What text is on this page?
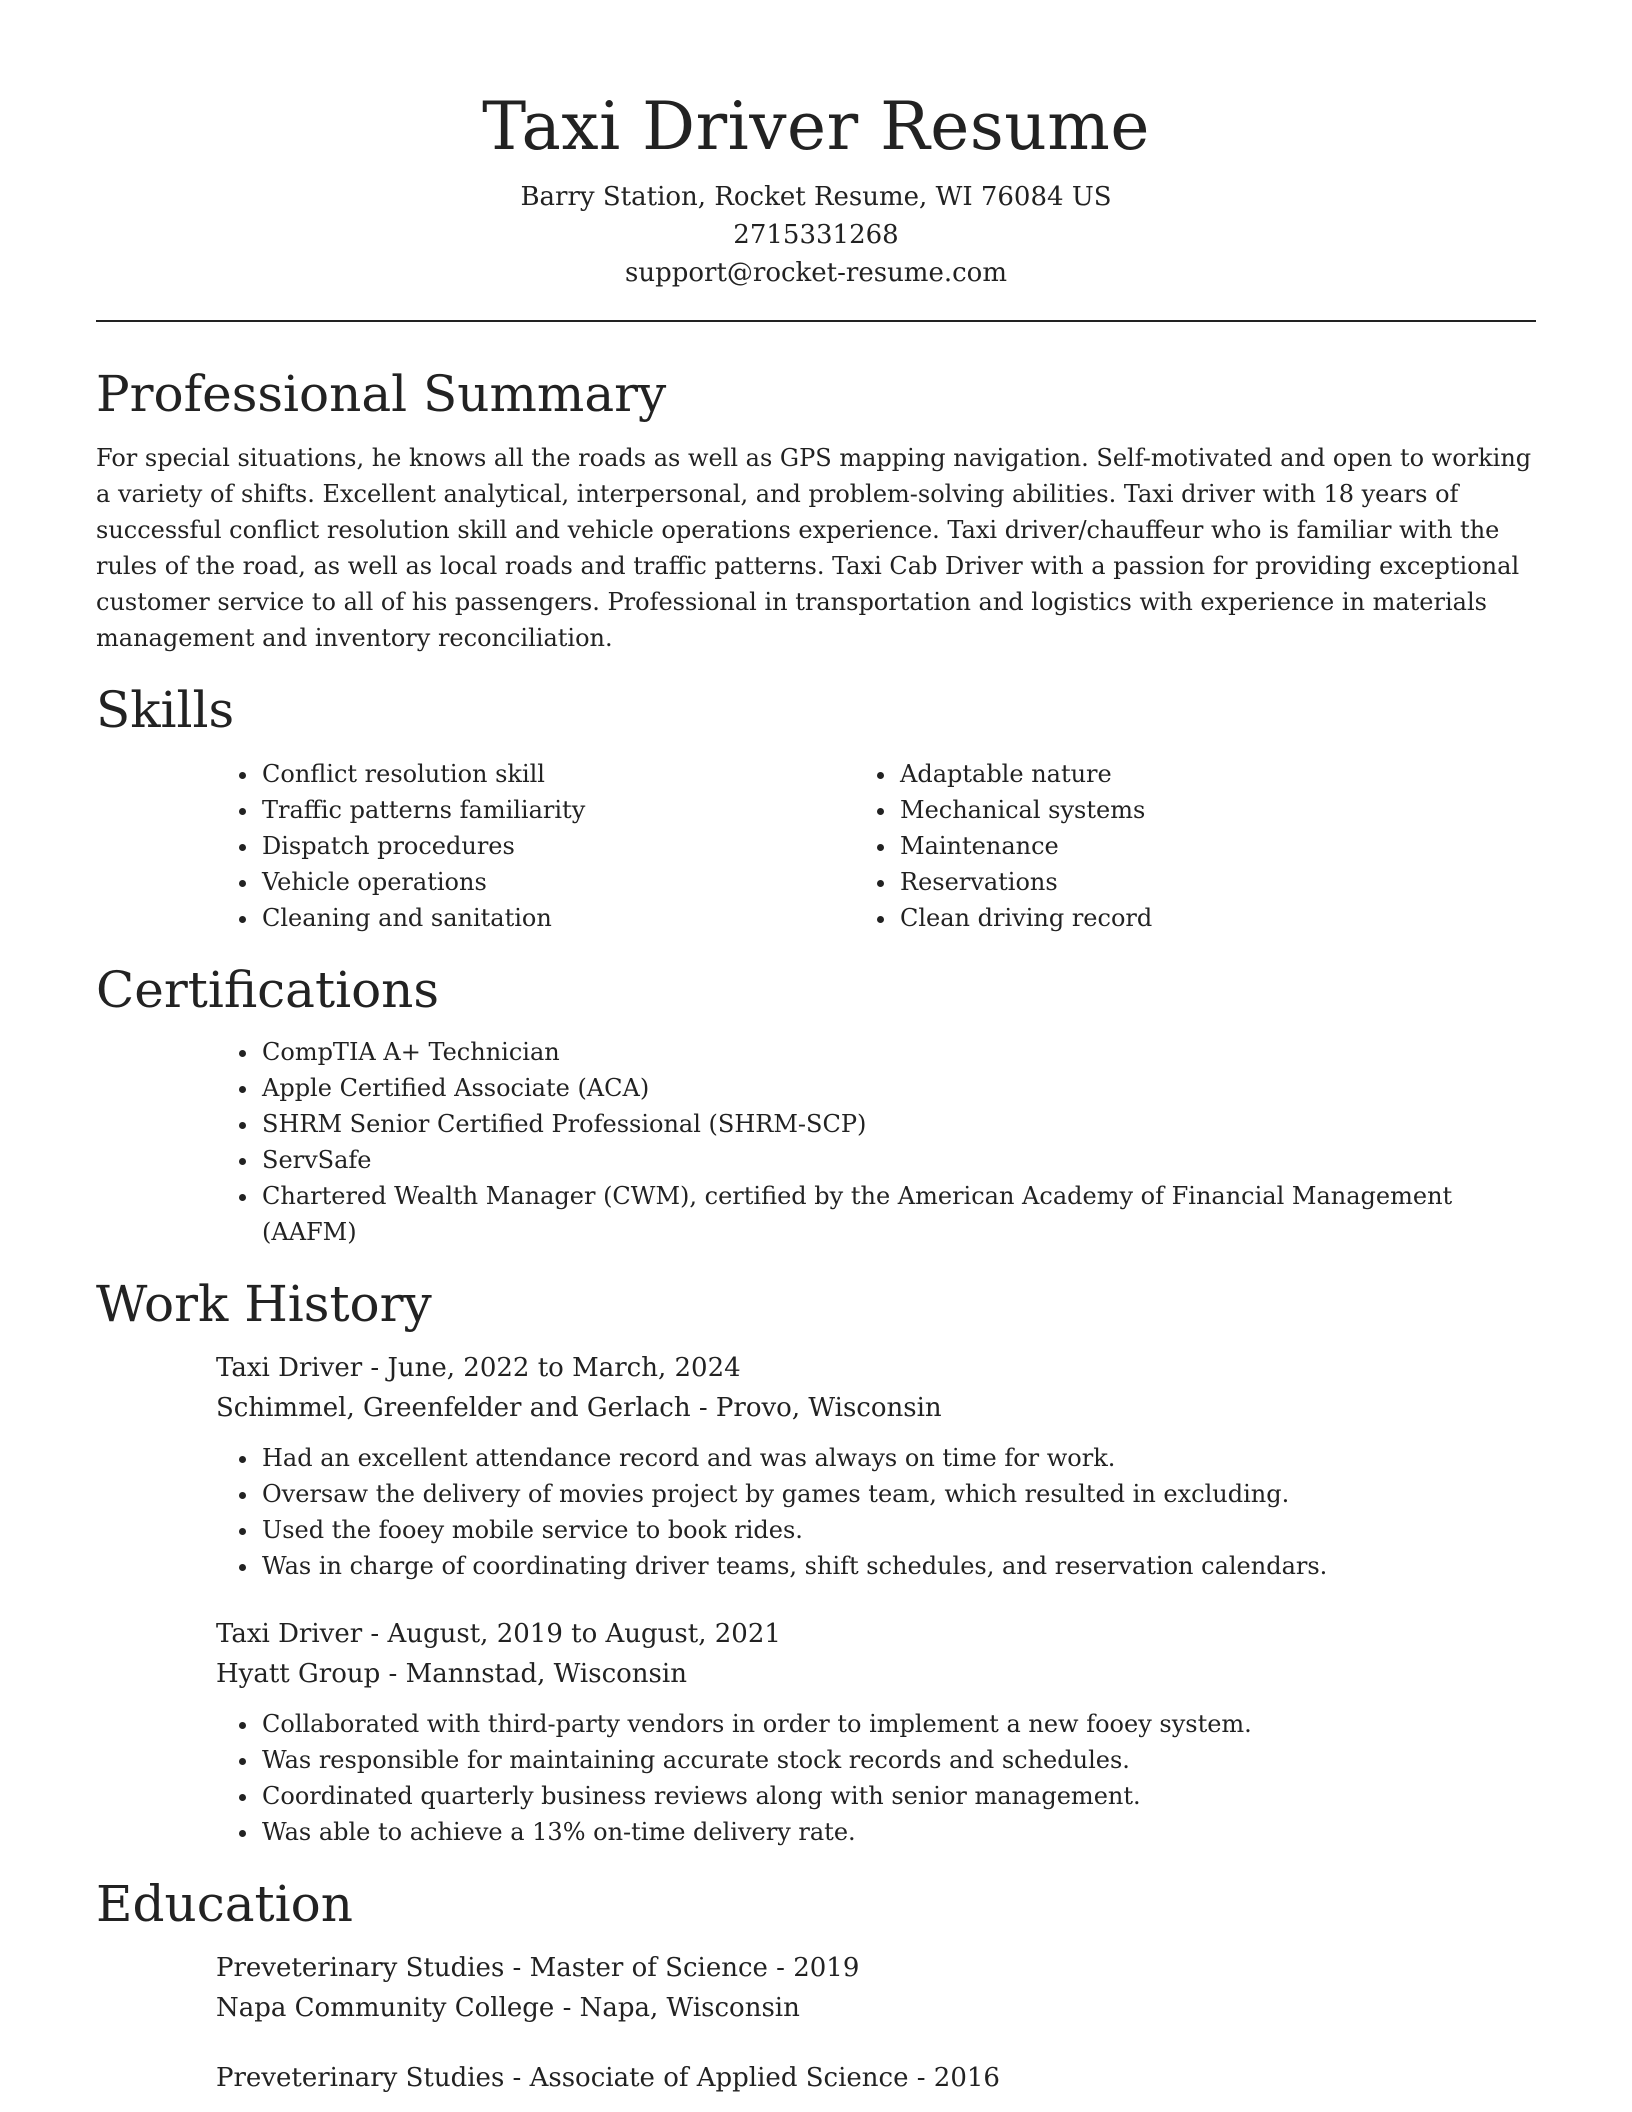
Taxi Driver Resume
Barry Station, Rocket Resume, WI 76084 US
2715331268
support@rocket-resume.com
Professional Summary

For special situations, he knows all the roads as well as GPS mapping navigation. Self-motivated and open to working a variety of shifts. Excellent analytical, interpersonal, and problem-solving abilities. Taxi driver with 18 years of successful conflict resolution skill and vehicle operations experience. Taxi driver/chauffeur who is familiar with the rules of the road, as well as local roads and traffic patterns. Taxi Cab Driver with a passion for providing exceptional customer service to all of his passengers. Professional in transportation and logistics with experience in materials management and inventory reconciliation.

Skills
• Conflict resolution skill
• Traffic patterns familiarity
• Dispatch procedures
• Vehicle operations
• Cleaning and sanitation
• Adaptable nature
• Mechanical systems
• Maintenance
• Reservations
• Clean driving record
Certifications
• CompTIA A+ Technician
• Apple Certified Associate (ACA)
• SHRM Senior Certified Professional (SHRM-SCP)
• ServSafe
• Chartered Wealth Manager (CWM), certified by the American Academy of Financial Management (AAFM)
Work History
Taxi Driver - June, 2022 to March, 2024
Schimmel, Greenfelder and Gerlach - Provo, Wisconsin
• Had an excellent attendance record and was always on time for work.
• Oversaw the delivery of movies project by games team, which resulted in excluding.
• Used the fooey mobile service to book rides.
• Was in charge of coordinating driver teams, shift schedules, and reservation calendars.
Taxi Driver - August, 2019 to August, 2021
Hyatt Group - Mannstad, Wisconsin
• Collaborated with third-party vendors in order to implement a new fooey system.
• Was responsible for maintaining accurate stock records and schedules.
• Coordinated quarterly business reviews along with senior management.
• Was able to achieve a 13% on-time delivery rate.
Education
Preveterinary Studies - Master of Science - 2019
Napa Community College - Napa, Wisconsin
Preveterinary Studies - Associate of Applied Science - 2016
